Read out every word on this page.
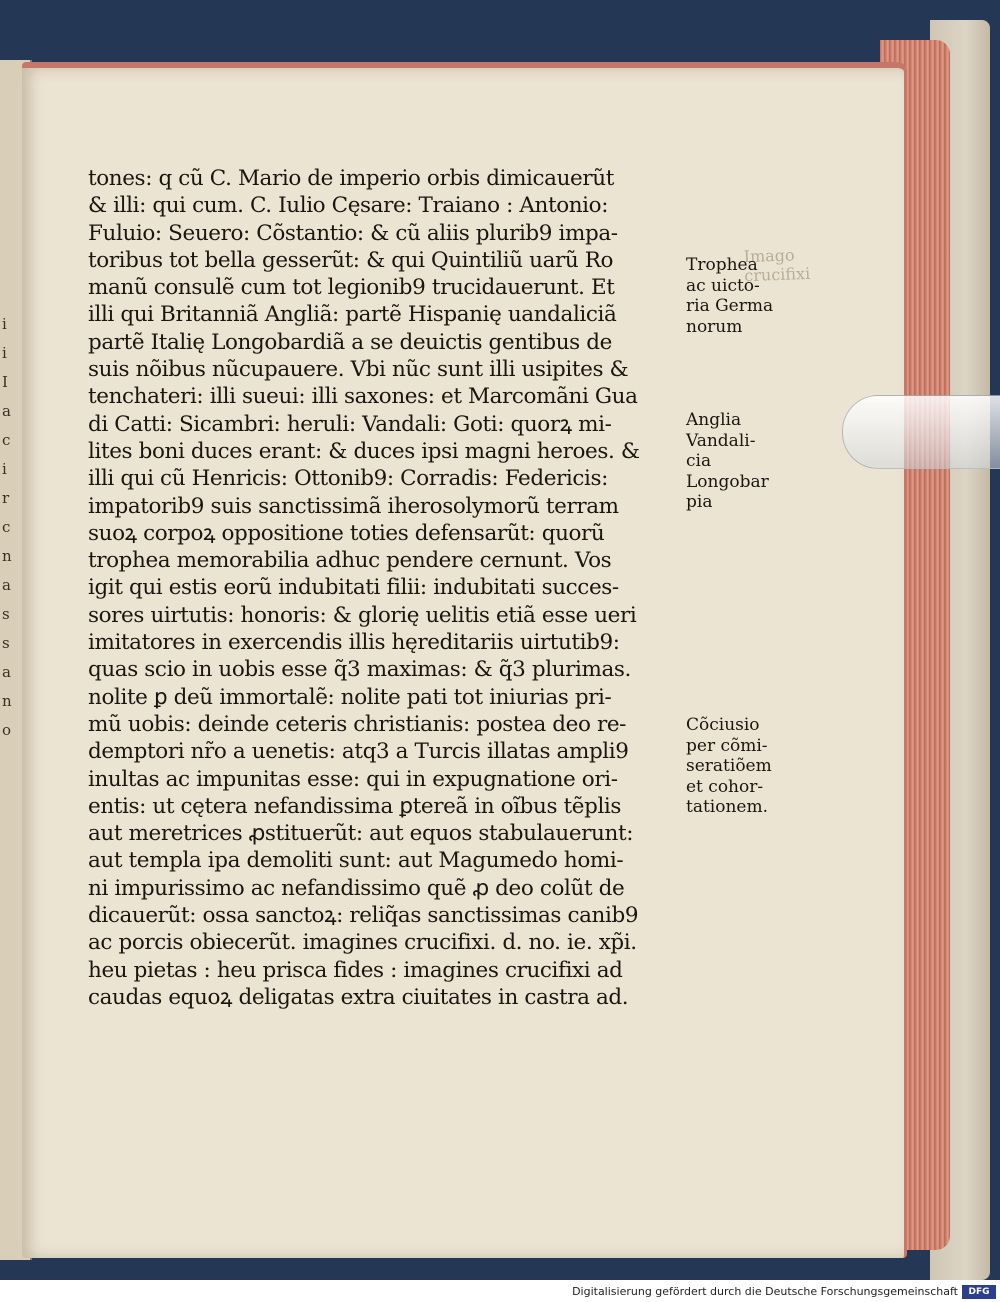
i
i
I
a
c
i
r
c
n
a
s
s
a
n
o
Imago
crucifixi
tones: q cũ C. Mario de imperio orbis dimicauerũt
& illi: qui cum. C. Iulio Cęsare: Traiano : Antonio:
Fuluio: Seuero: Cõstantio: & cũ aliis plurib9 impa-
toribus tot bella gesserũt: & qui Quintiliũ uarũ Ro
manũ consulẽ cum tot legionib9 trucidauerunt. Et
illi qui Britanniã Angliã: partẽ Hispanię uandaliciã
partẽ Italię Longobardiã a se deuictis gentibus de
suis nõibus nũcupauere. Vbi nũc sunt illi usipites &
tenchateri: illi sueui: illi saxones: et Marcomãni Gua
di Catti: Sicambri: heruli: Vandali: Goti: quorꝝ mi-
lites boni duces erant: & duces ipsi magni heroes. &
illi qui cũ Henricis: Ottonib9: Corradis: Federicis:
impatorib9 suis sanctissimã iherosolymorũ terram
suoꝝ corpoꝝ oppositione toties defensarũt: quorũ
trophea memorabilia adhuc pendere cernunt. Vos
igit qui estis eorũ indubitati filii: indubitati succes-
sores uirtutis: honoris: & glorię uelitis etiã esse ueri
imitatores in exercendis illis hęreditariis uirtutib9:
quas scio in uobis esse q̃3 maximas: & q̃3 plurimas.
nolite ꝑ deũ immortalẽ: nolite pati tot iniurias pri-
mũ uobis: deinde ceteris christianis: postea deo re-
demptori nr̃o a uenetis: atq3 a Turcis illatas ampli9
inultas ac impunitas esse: qui in expugnatione ori-
entis: ut cętera nefandissima ꝑtereã in oĩbus tẽplis
aut meretrices ꝓstituerũt: aut equos stabulauerunt:
aut templa ipa demoliti sunt: aut Magumedo homi-
ni impurissimo ac nefandissimo quẽ ꝓ deo colũt de
dicauerũt: ossa sanctoꝝ: reliq̃as sanctissimas canib9
ac porcis obiecerũt. imagines crucifixi. d. no. ie. xp̃i.
heu pietas : heu prisca fides : imagines crucifixi ad
caudas equoꝝ deligatas extra ciuitates in castra ad.
Trophea
ac uicto-
ria Germa
norum
Anglia
Vandali-
cia
Longobar
pia
Cõciusio
per cõmi-
seratiõem
et cohor-
tationem.
Digitalisierung gefördert durch die Deutsche Forschungsgemeinschaft	DFG
